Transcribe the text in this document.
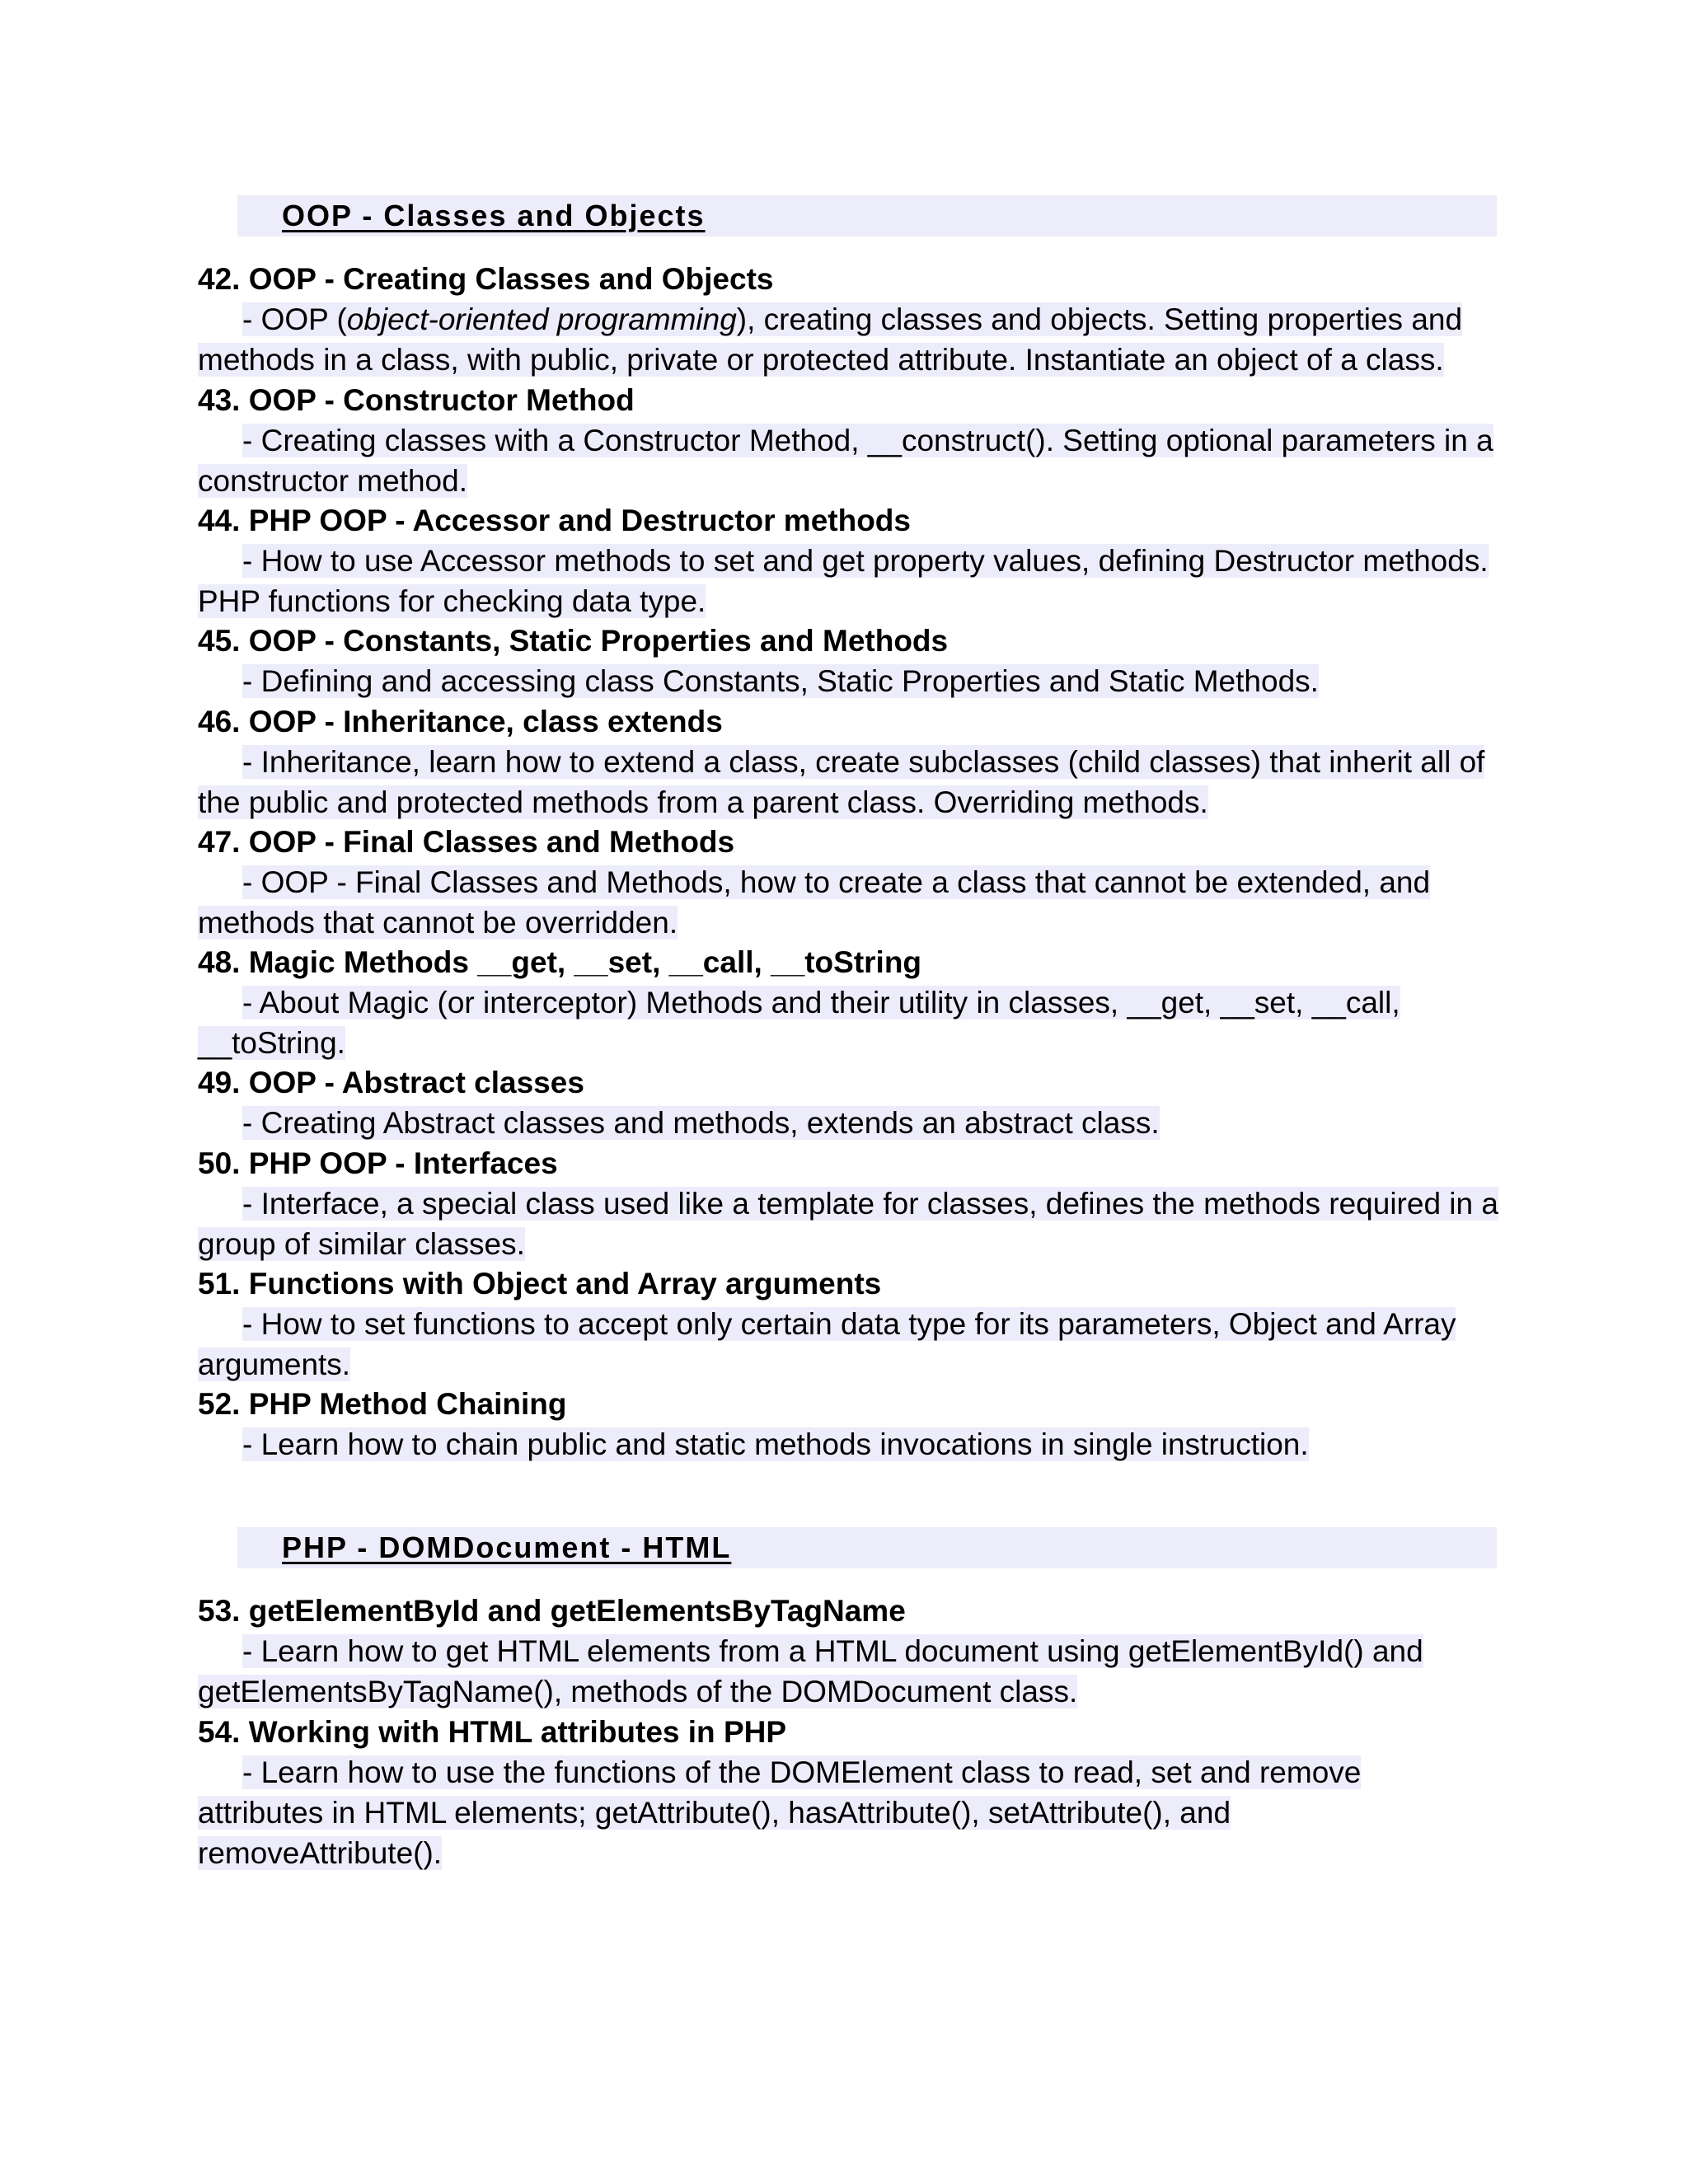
OOP - Classes and Objects
42. OOP - Creating Classes and Objects
- OOP (object-oriented programming), creating classes and objects. Setting properties and methods in a class, with public, private or protected attribute. Instantiate an object of a class.
43. OOP - Constructor Method
- Creating classes with a Constructor Method, __construct(). Setting optional parameters in a constructor method.
44. PHP OOP - Accessor and Destructor methods
- How to use Accessor methods to set and get property values, defining Destructor methods. PHP functions for checking data type.
45. OOP - Constants, Static Properties and Methods
- Defining and accessing class Constants, Static Properties and Static Methods.
46. OOP - Inheritance, class extends
- Inheritance, learn how to extend a class, create subclasses (child classes) that inherit all of the public and protected methods from a parent class. Overriding methods.
47. OOP - Final Classes and Methods
- OOP - Final Classes and Methods, how to create a class that cannot be extended, and methods that cannot be overridden.
48. Magic Methods __get, __set, __call, __toString
- About Magic (or interceptor) Methods and their utility in classes, __get, __set, __call, __toString.
49. OOP - Abstract classes
- Creating Abstract classes and methods, extends an abstract class.
50. PHP OOP - Interfaces
- Interface, a special class used like a template for classes, defines the methods required in a group of similar classes.
51. Functions with Object and Array arguments
- How to set functions to accept only certain data type for its parameters, Object and Array arguments.
52. PHP Method Chaining
- Learn how to chain public and static methods invocations in single instruction.
PHP - DOMDocument - HTML
53. getElementById and getElementsByTagName
- Learn how to get HTML elements from a HTML document using getElementById() and getElementsByTagName(), methods of the DOMDocument class.
54. Working with HTML attributes in PHP
- Learn how to use the functions of the DOMElement class to read, set and remove attributes in HTML elements; getAttribute(), hasAttribute(), setAttribute(), and removeAttribute().
